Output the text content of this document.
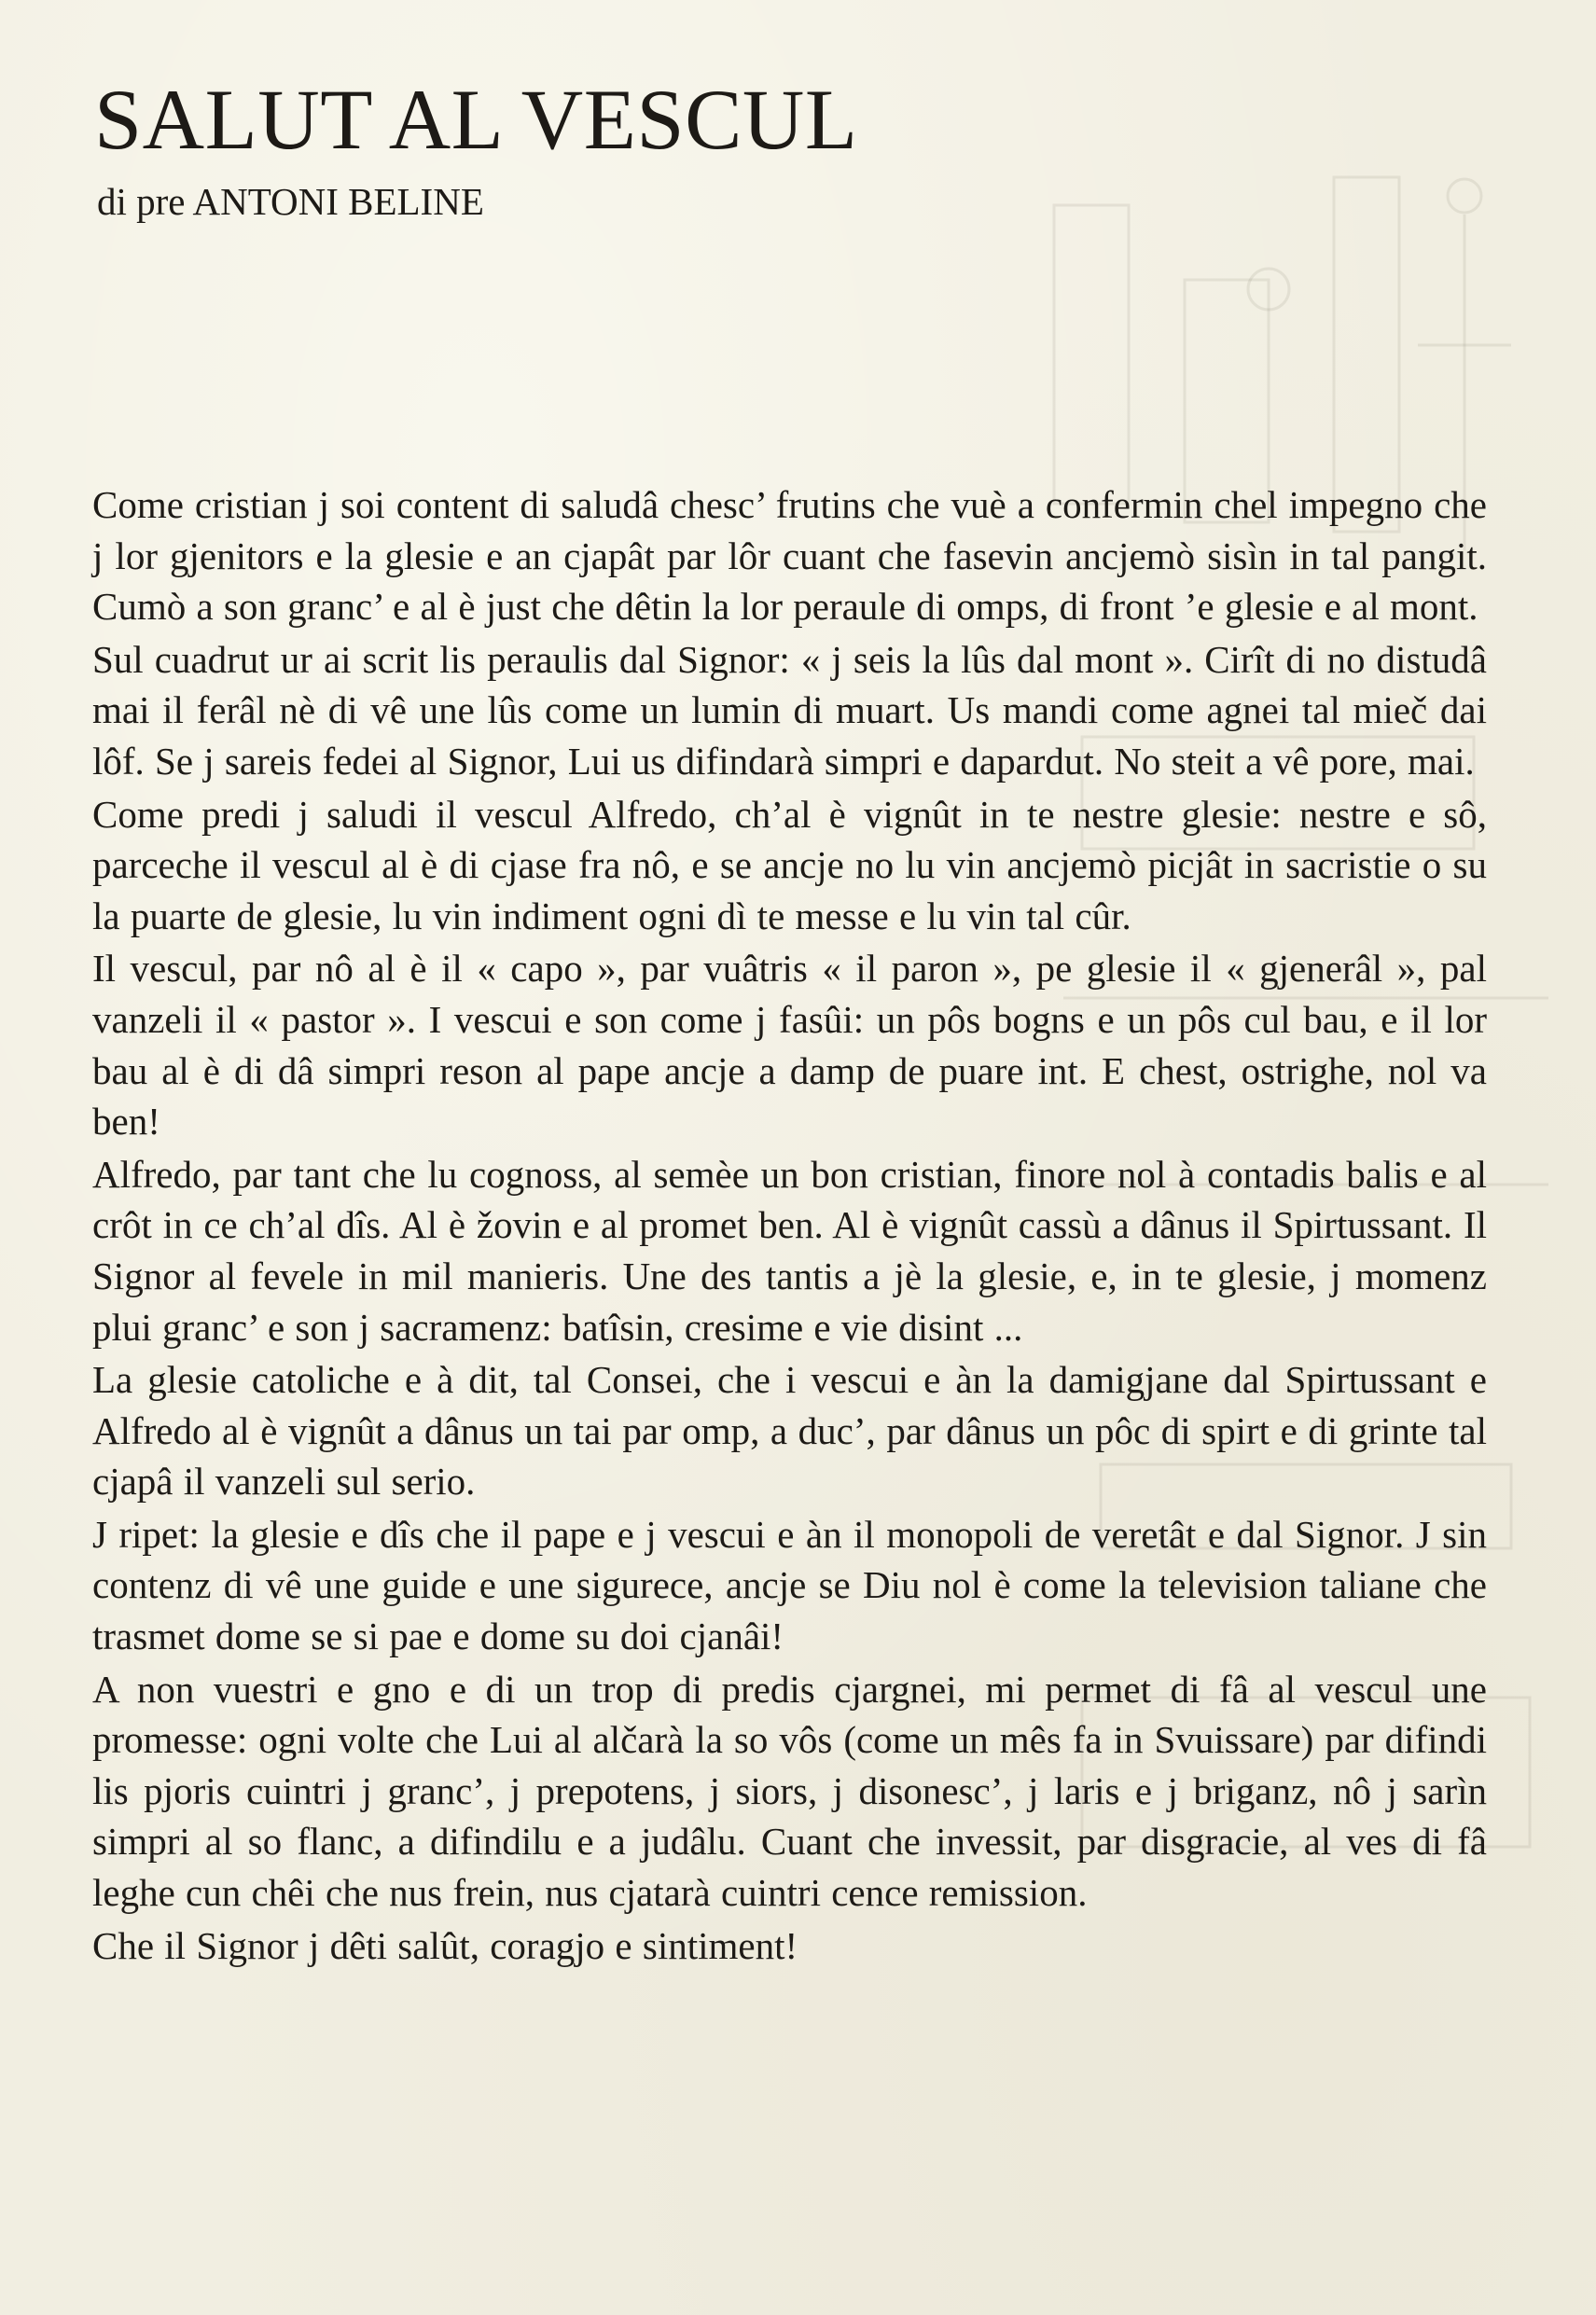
SALUT AL VESCUL

di pre ANTONI BELINE

Come cristian j soi content di saludâ chesc’ frutins che vuè a confermin chel impegno che j lor gjenitors e la glesie e an cjapât par lôr cuant che fasevin ancjemò sisìn in tal pangit. Cumò a son granc’ e al è just che dêtin la lor peraule di omps, di front ’e glesie e al mont.

Sul cuadrut ur ai scrit lis peraulis dal Signor: « j seis la lûs dal mont ». Cirît di no distudâ mai il ferâl nè di vê une lûs come un lumin di muart. Us mandi come agnei tal mieč dai lôf. Se j sareis fedei al Signor, Lui us difindarà simpri e dapardut. No steit a vê pore, mai.

Come predi j saludi il vescul Alfredo, ch’al è vignût in te nestre glesie: nestre e sô, parceche il vescul al è di cjase fra nô, e se ancje no lu vin ancjemò picjât in sacristie o su la puarte de glesie, lu vin indiment ogni dì te messe e lu vin tal cûr.

Il vescul, par nô al è il « capo », par vuâtris « il paron », pe glesie il « gjenerâl », pal vanzeli il « pastor ». I vescui e son come j fasûi: un pôs bogns e un pôs cul bau, e il lor bau al è di dâ simpri reson al pape ancje a damp de puare int. E chest, ostrighe, nol va ben!

Alfredo, par tant che lu cognoss, al semèe un bon cristian, finore nol à contadis balis e al crôt in ce ch’al dîs. Al è žovin e al promet ben. Al è vignût cassù a dânus il Spirtussant. Il Signor al fevele in mil manieris. Une des tantis a jè la glesie, e, in te glesie, j momenz plui granc’ e son j sacramenz: batîsin, cresime e vie disint ...

La glesie catoliche e à dit, tal Consei, che i vescui e àn la damigjane dal Spirtussant e Alfredo al è vignût a dânus un tai par omp, a duc’, par dânus un pôc di spirt e di grinte tal cjapâ il vanzeli sul serio.

J ripet: la glesie e dîs che il pape e j vescui e àn il monopoli de veretât e dal Signor. J sin contenz di vê une guide e une sigurece, ancje se Diu nol è come la television taliane che trasmet dome se si pae e dome su doi cjanâi!

A non vuestri e gno e di un trop di predis cjargnei, mi permet di fâ al vescul une promesse: ogni volte che Lui al alčarà la so vôs (come un mês fa in Svuissare) par difindi lis pjoris cuintri j granc’, j prepotens, j siors, j disonesc’, j laris e j briganz, nô j sarìn simpri al so flanc, a difindilu e a judâlu. Cuant che invessit, par disgracie, al ves di fâ leghe cun chêi che nus frein, nus cjatarà cuintri cence remission.

Che il Signor j dêti salût, coragjo e sintiment!
